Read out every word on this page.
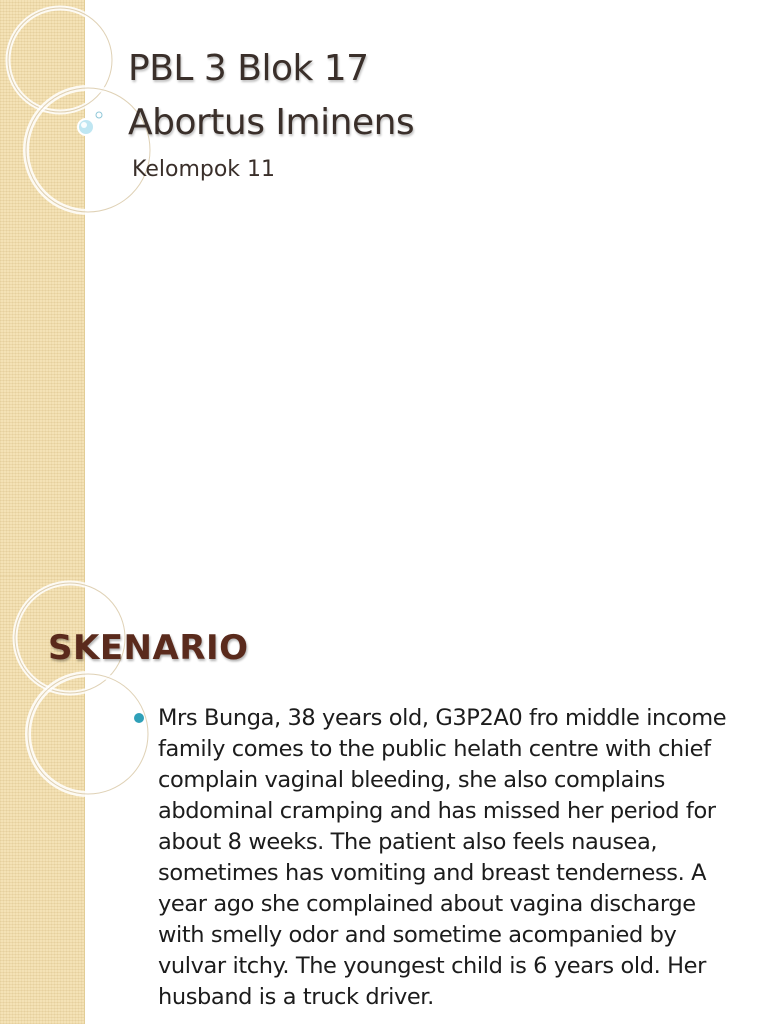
PBL 3 Blok 17
Abortus Iminens
Kelompok 11
SKENARIO
Mrs Bunga, 38 years old, G3P2A0 fro middle income family comes to the public helath centre with chief complain vaginal bleeding, she also complains abdominal cramping and has missed her period for about 8 weeks. The patient also feels nausea, sometimes has vomiting and breast tenderness. A year ago she complained about vagina discharge with smelly odor and sometime acompanied by vulvar itchy. The youngest child is 6 years old. Her husband is a truck driver.
